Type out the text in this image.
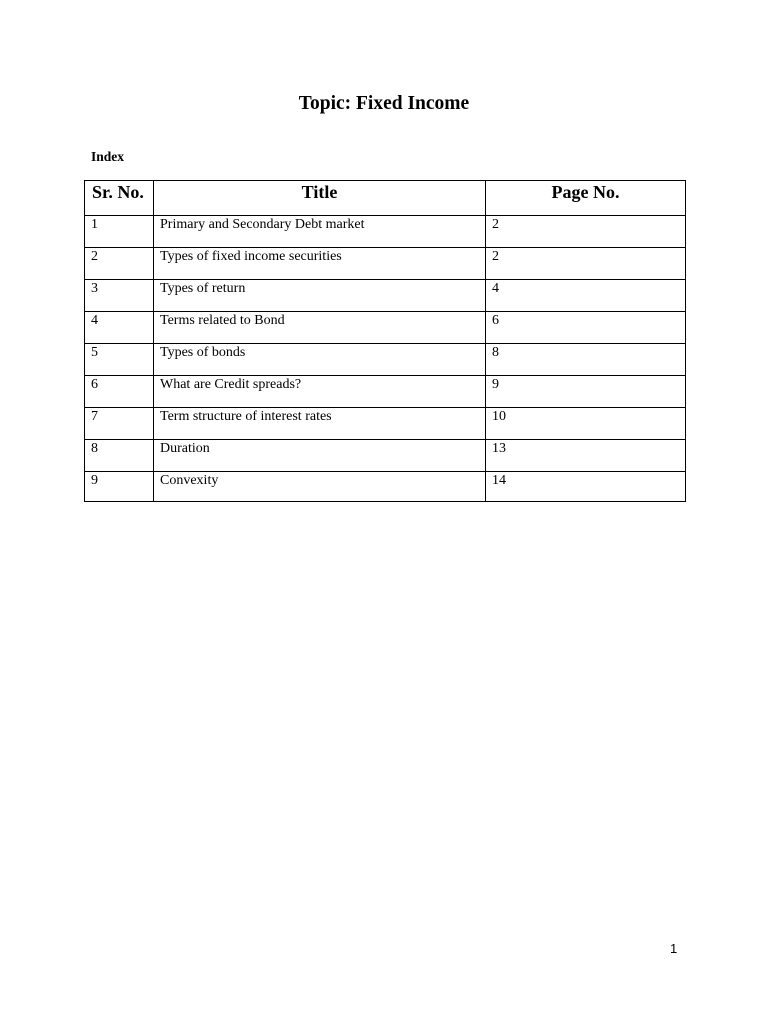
Topic: Fixed Income
Index
Sr. No.	Title	Page No.
1	Primary and Secondary Debt market	2
2	Types of fixed income securities	2
3	Types of return	4
4	Terms related to Bond	6
5	Types of bonds	8
6	What are Credit spreads?	9
7	Term structure of interest rates	10
8	Duration	13
9	Convexity	14
1
